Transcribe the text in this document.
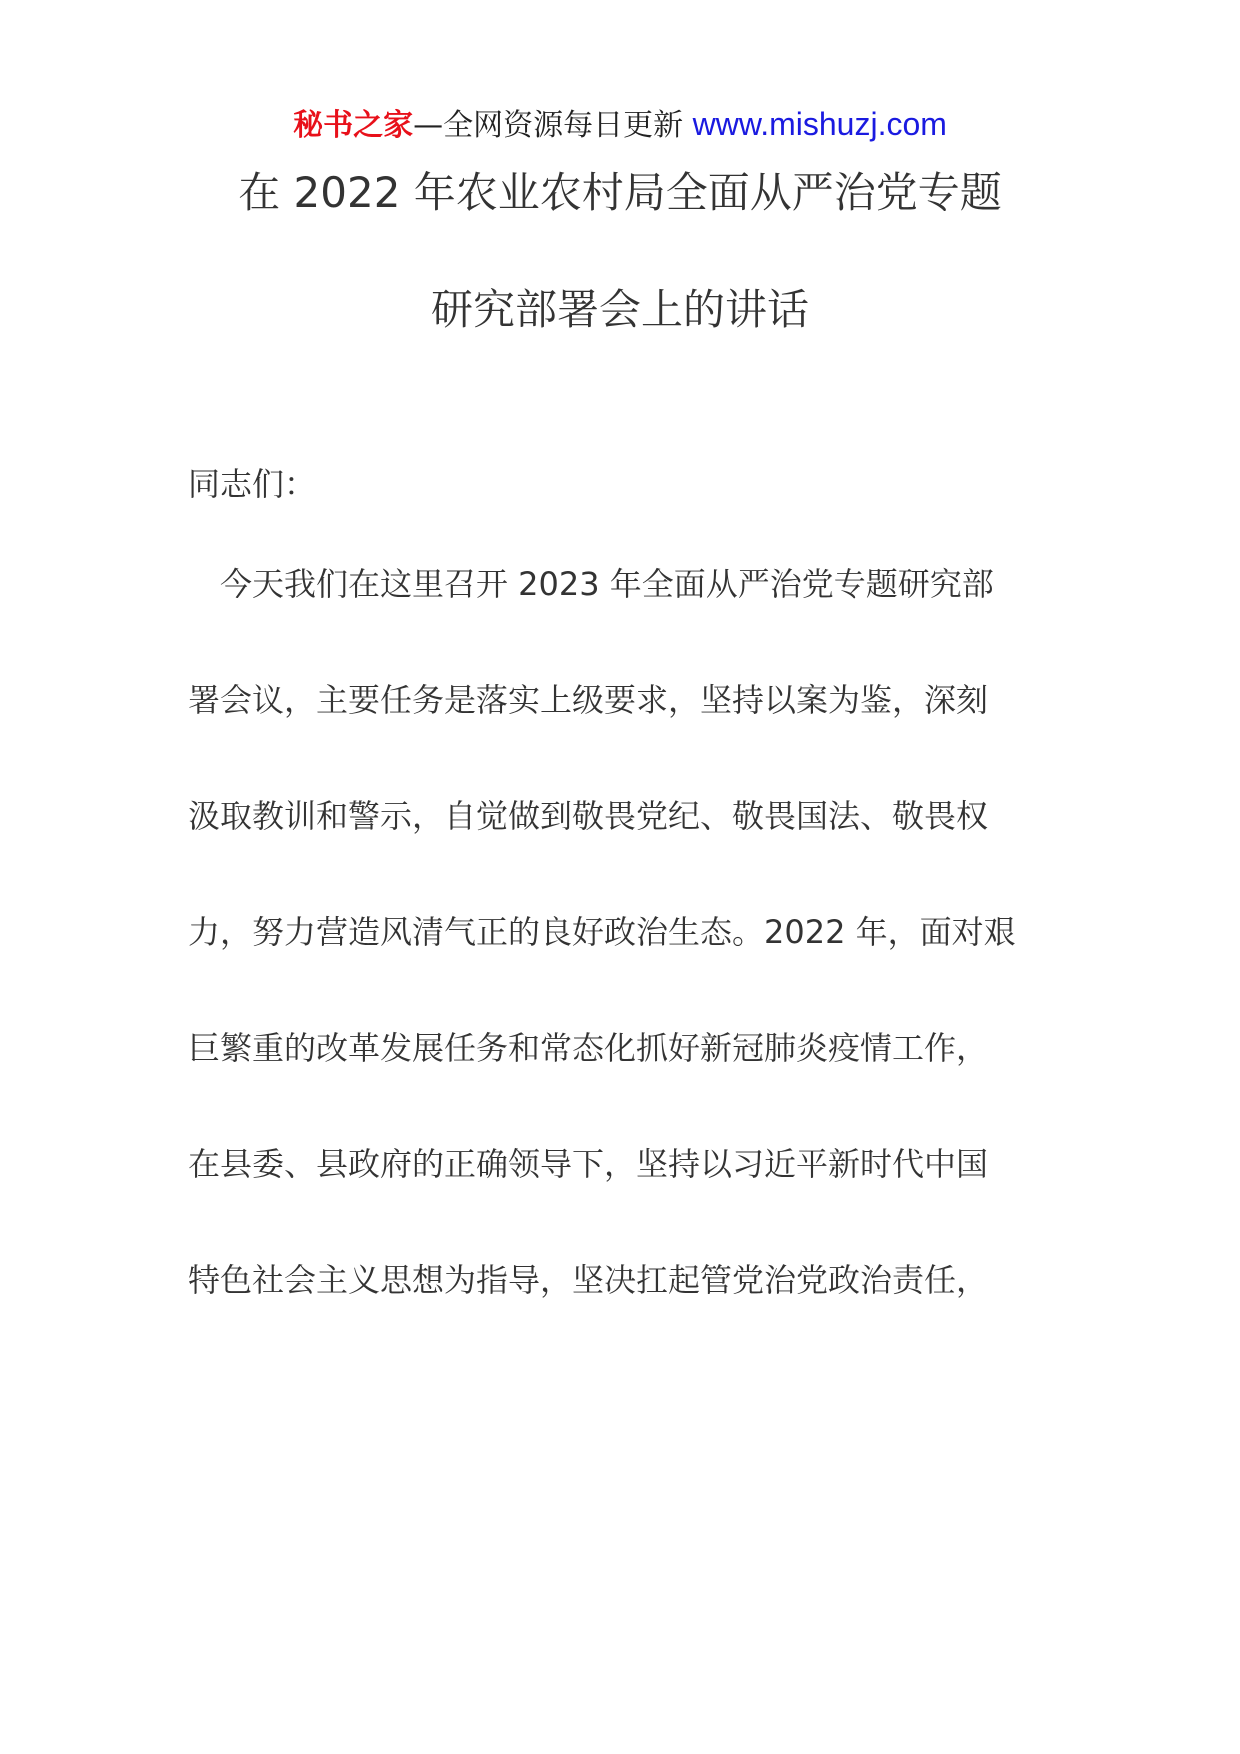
秘书之家—全网资源每日更新 www.mishuzj.com
在 2022 年农业农村局全面从严治党专题
研究部署会上的讲话
同志们：
　今天我们在这里召开 2023 年全面从严治党专题研究部
署会议，主要任务是落实上级要求，坚持以案为鉴，深刻
汲取教训和警示，自觉做到敬畏党纪、敬畏国法、敬畏权
力，努力营造风清气正的良好政治生态。2022 年，面对艰
巨繁重的改革发展任务和常态化抓好新冠肺炎疫情工作，
在县委、县政府的正确领导下，坚持以习近平新时代中国
特色社会主义思想为指导，坚决扛起管党治党政治责任，
